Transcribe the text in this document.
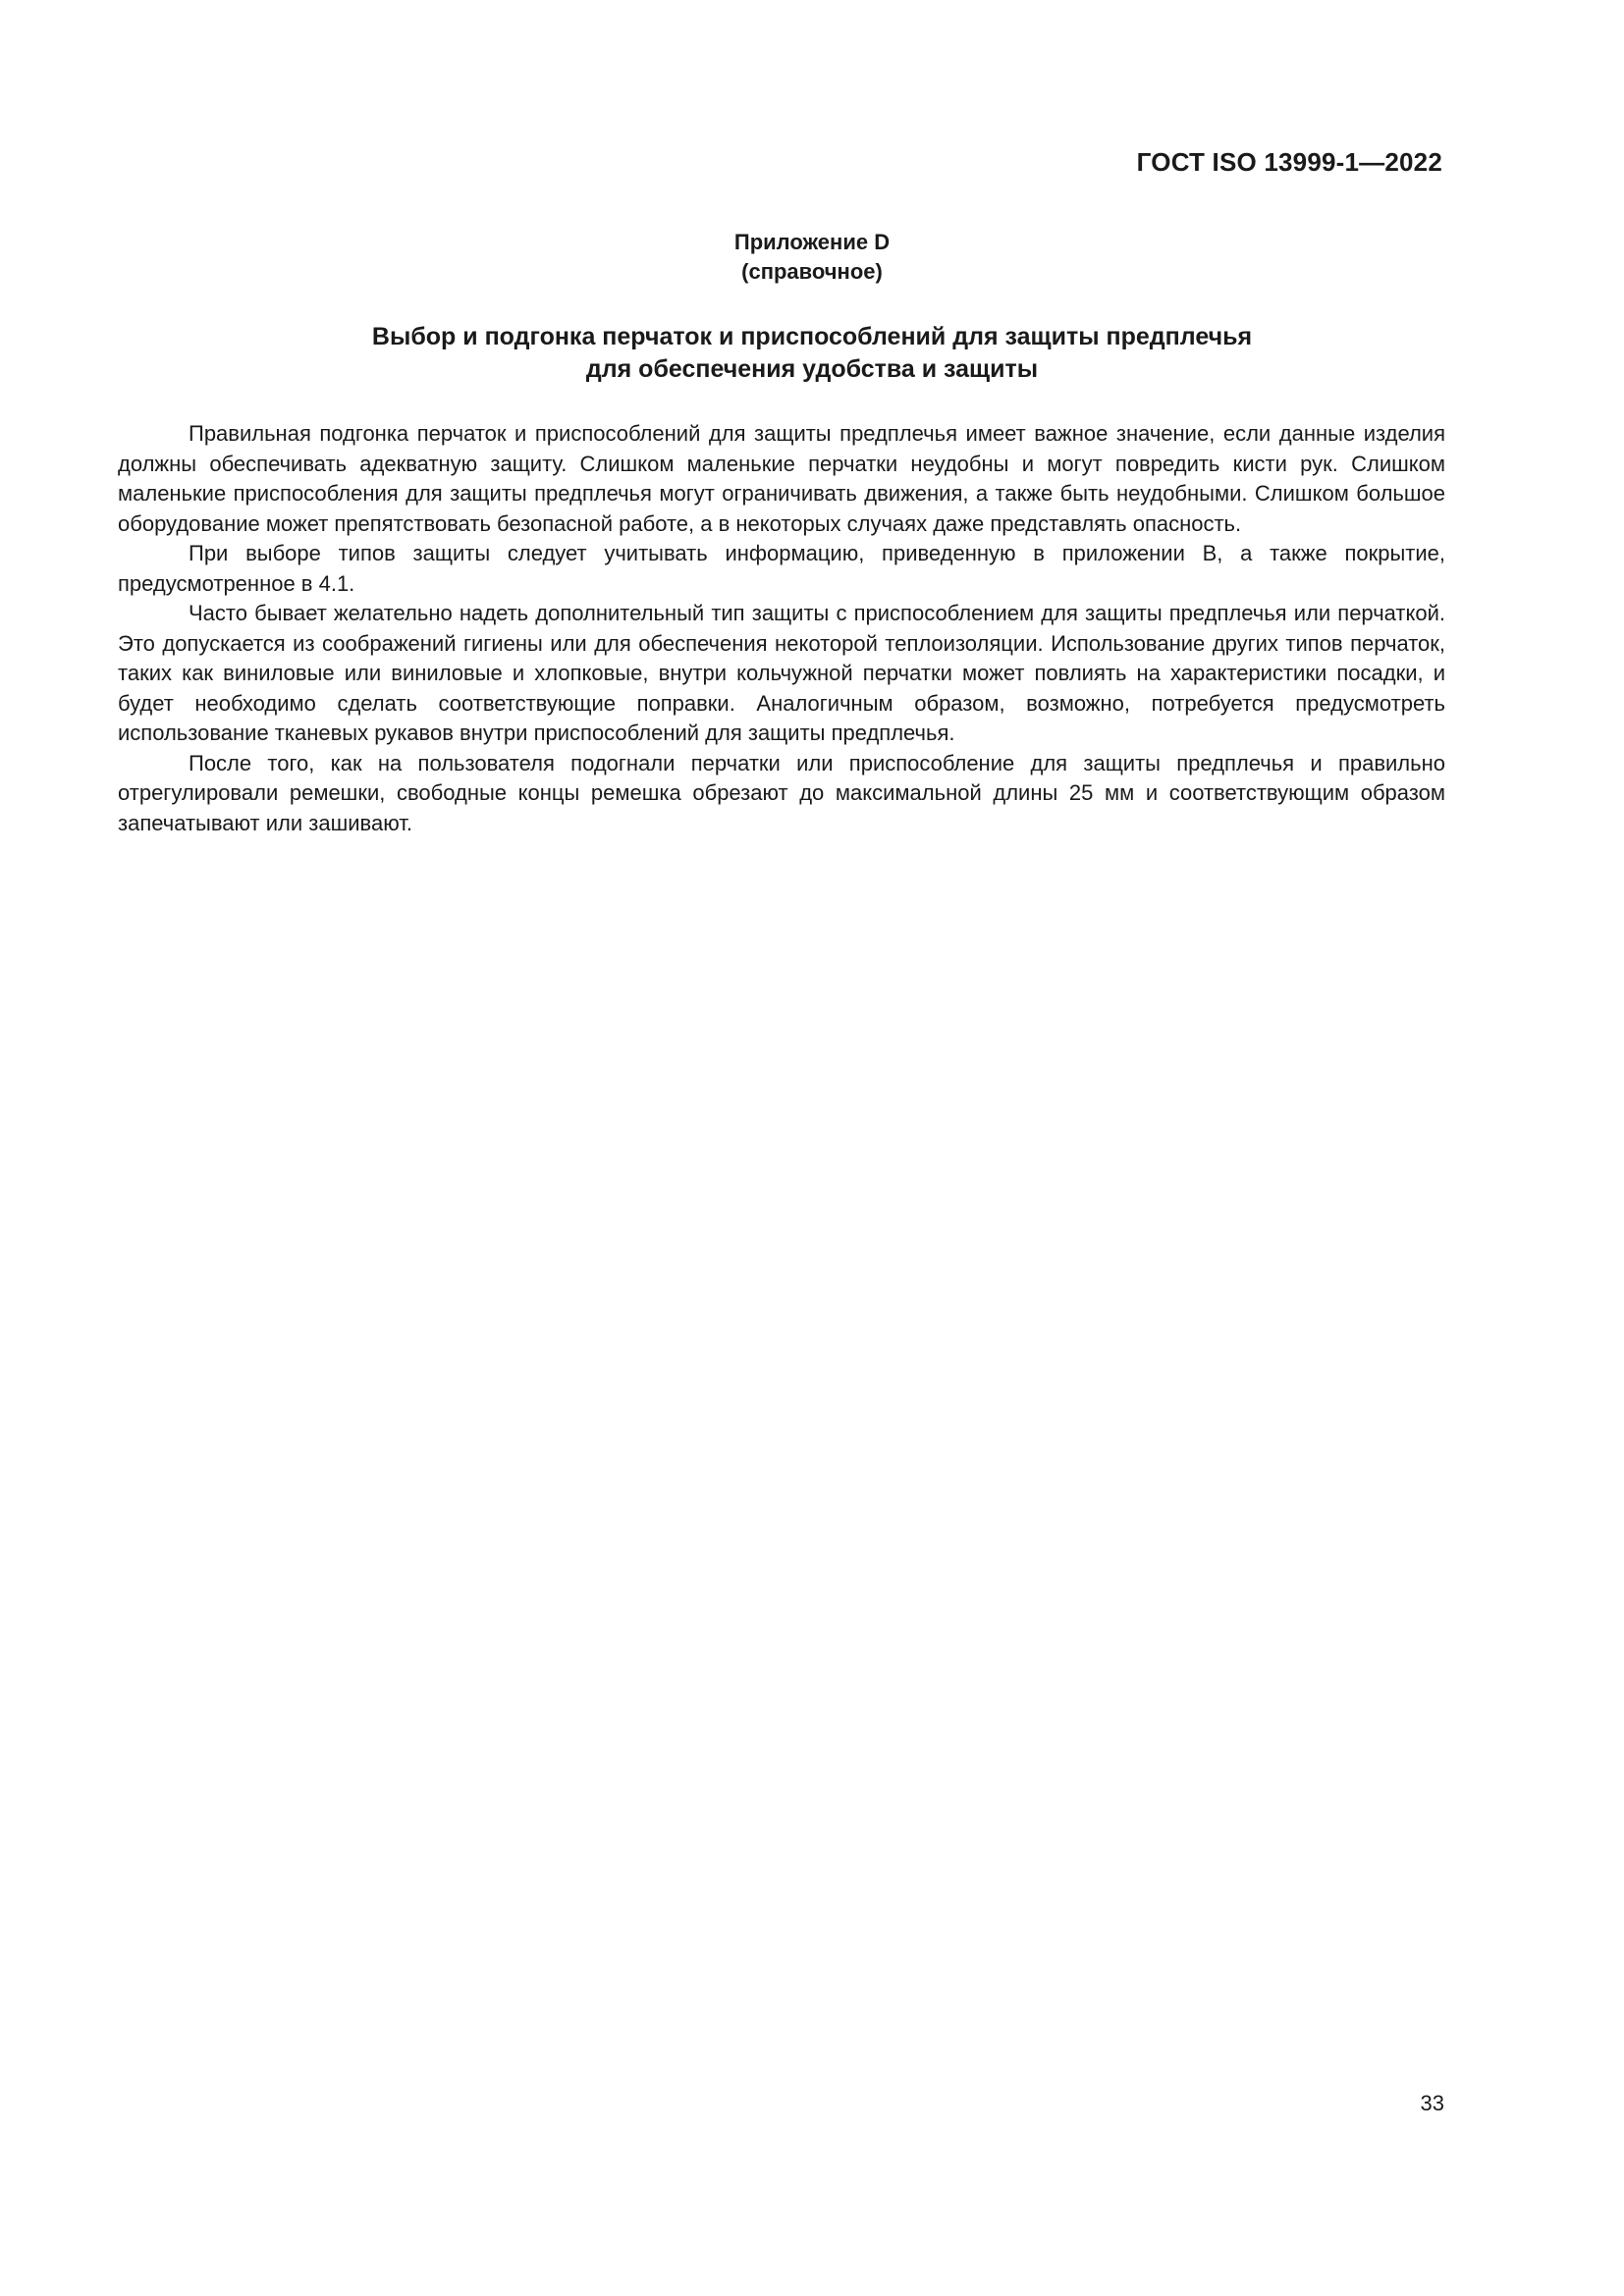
ГОСТ ISO 13999-1—2022
Приложение D
(справочное)
Выбор и подгонка перчаток и приспособлений для защиты предплечья
для обеспечения удобства и защиты

Правильная подгонка перчаток и приспособлений для защиты предплечья имеет важное значение, если данные изделия должны обеспечивать адекватную защиту. Слишком маленькие перчатки неудобны и могут повредить кисти рук. Слишком маленькие приспособления для защиты предплечья могут ограничивать движения, а также быть неудобными. Слишком большое оборудование может препятствовать безопасной работе, а в некоторых случаях даже представлять опасность.

При выборе типов защиты следует учитывать информацию, приведенную в приложении В, а также покрытие, предусмотренное в 4.1.

Часто бывает желательно надеть дополнительный тип защиты с приспособлением для защиты предплечья или перчаткой. Это допускается из соображений гигиены или для обеспечения некоторой теплоизоляции. Использование других типов перчаток, таких как виниловые или виниловые и хлопковые, внутри кольчужной перчатки может повлиять на характеристики посадки, и будет необходимо сделать соответствующие поправки. Аналогичным образом, возможно, потребуется предусмотреть использование тканевых рукавов внутри приспособлений для защиты предплечья.

После того, как на пользователя подогнали перчатки или приспособление для защиты предплечья и правильно отрегулировали ремешки, свободные концы ремешка обрезают до максимальной длины 25 мм и соответствующим образом запечатывают или зашивают.

33
